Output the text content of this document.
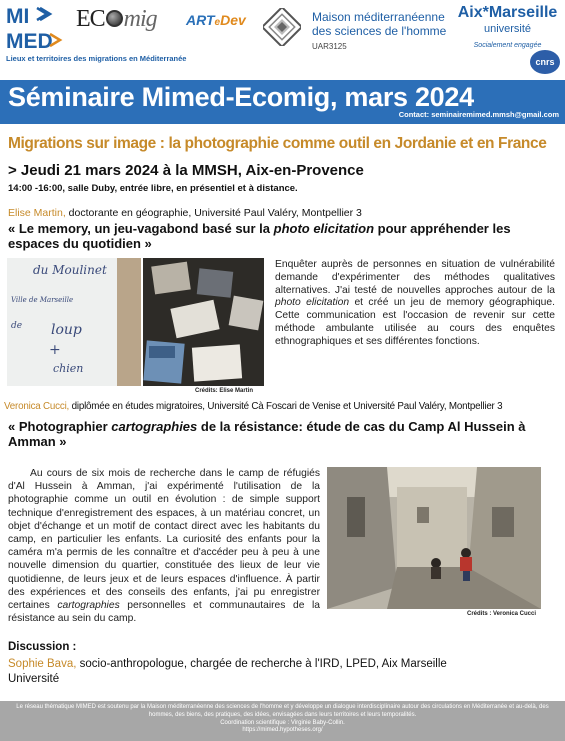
MI
MED
Lieux et territoires des migrations en Méditerranée
EC mig ARTeDev	Maison méditerranéenne
des sciences de l'homme
UAR3125
Aix*Marseille
université
Socialement engagée
cnrs
Séminaire Mimed-Ecomig, mars 2024
Contact: seminairemimed.mmsh@gmail.com
Migrations sur image : la photographie comme outil en Jordanie et en France
> Jeudi 21 mars 2024 à la MMSH, Aix-en-Provence
14:00 -16:00, salle Duby, entrée libre, en présentiel et à distance.
Elise Martin, doctorante en géographie, Université Paul Valéry, Montpellier 3
« Le memory, un jeu-vagabond basé sur la photo elicitation pour appréhender les espaces du quotidien »
du Moulinet
Ville de Marseille
de loup
+
chien
Crédits: Elise Martin
Enquêter auprès de personnes en situation de vulnérabilité demande d'expérimenter des méthodes qualitatives alternatives. J'ai testé de nouvelles approches autour de la photo elicitation et créé un jeu de memory géographique. Cette communication est l'occasion de revenir sur cette méthode ambulante utilisée au cours des enquêtes ethnographiques et ses différentes fonctions.
Veronica Cucci, diplômée en études migratoires, Université Cà Foscari de Venise et Université Paul Valéry, Montpellier 3
« Photographier cartographies de la résistance: étude de cas du Camp Al Hussein à Amman »
Au cours de six mois de recherche dans le camp de réfugiés d'Al Hussein à Amman, j'ai expérimenté l'utilisation de la photographie comme un outil en évolution : de simple support technique d'enregistrement des espaces, à un matériau concret, un objet d'échange et un motif de contact direct avec les habitants du camp, en particulier les enfants. La curiosité des enfants pour la caméra m'a permis de les connaître et d'accéder peu à peu à une nouvelle dimension du quartier, constituée des lieux de leur vie quotidienne, de leurs jeux et de leurs espaces d'influence. À partir des expériences et des conseils des enfants, j'ai pu enregistrer certaines cartographies personnelles et communautaires de la résistance au sein du camp.	Crédits : Veronica Cucci
Discussion :
Sophie Bava, socio-anthropologue, chargée de recherche à l'IRD, LPED, Aix Marseille Université
Le réseau thématique MIMED est soutenu par la Maison méditerranéenne des sciences de l'homme et y développe un dialogue interdisciplinaire autour des circulations en Méditerranée et au-delà, des hommes, des biens, des pratiques, des idées, envisagées dans leurs territoires et leurs temporalités.
Coordination scientifique : Virginie Baby-Collin.
https://mimed.hypotheses.org/
